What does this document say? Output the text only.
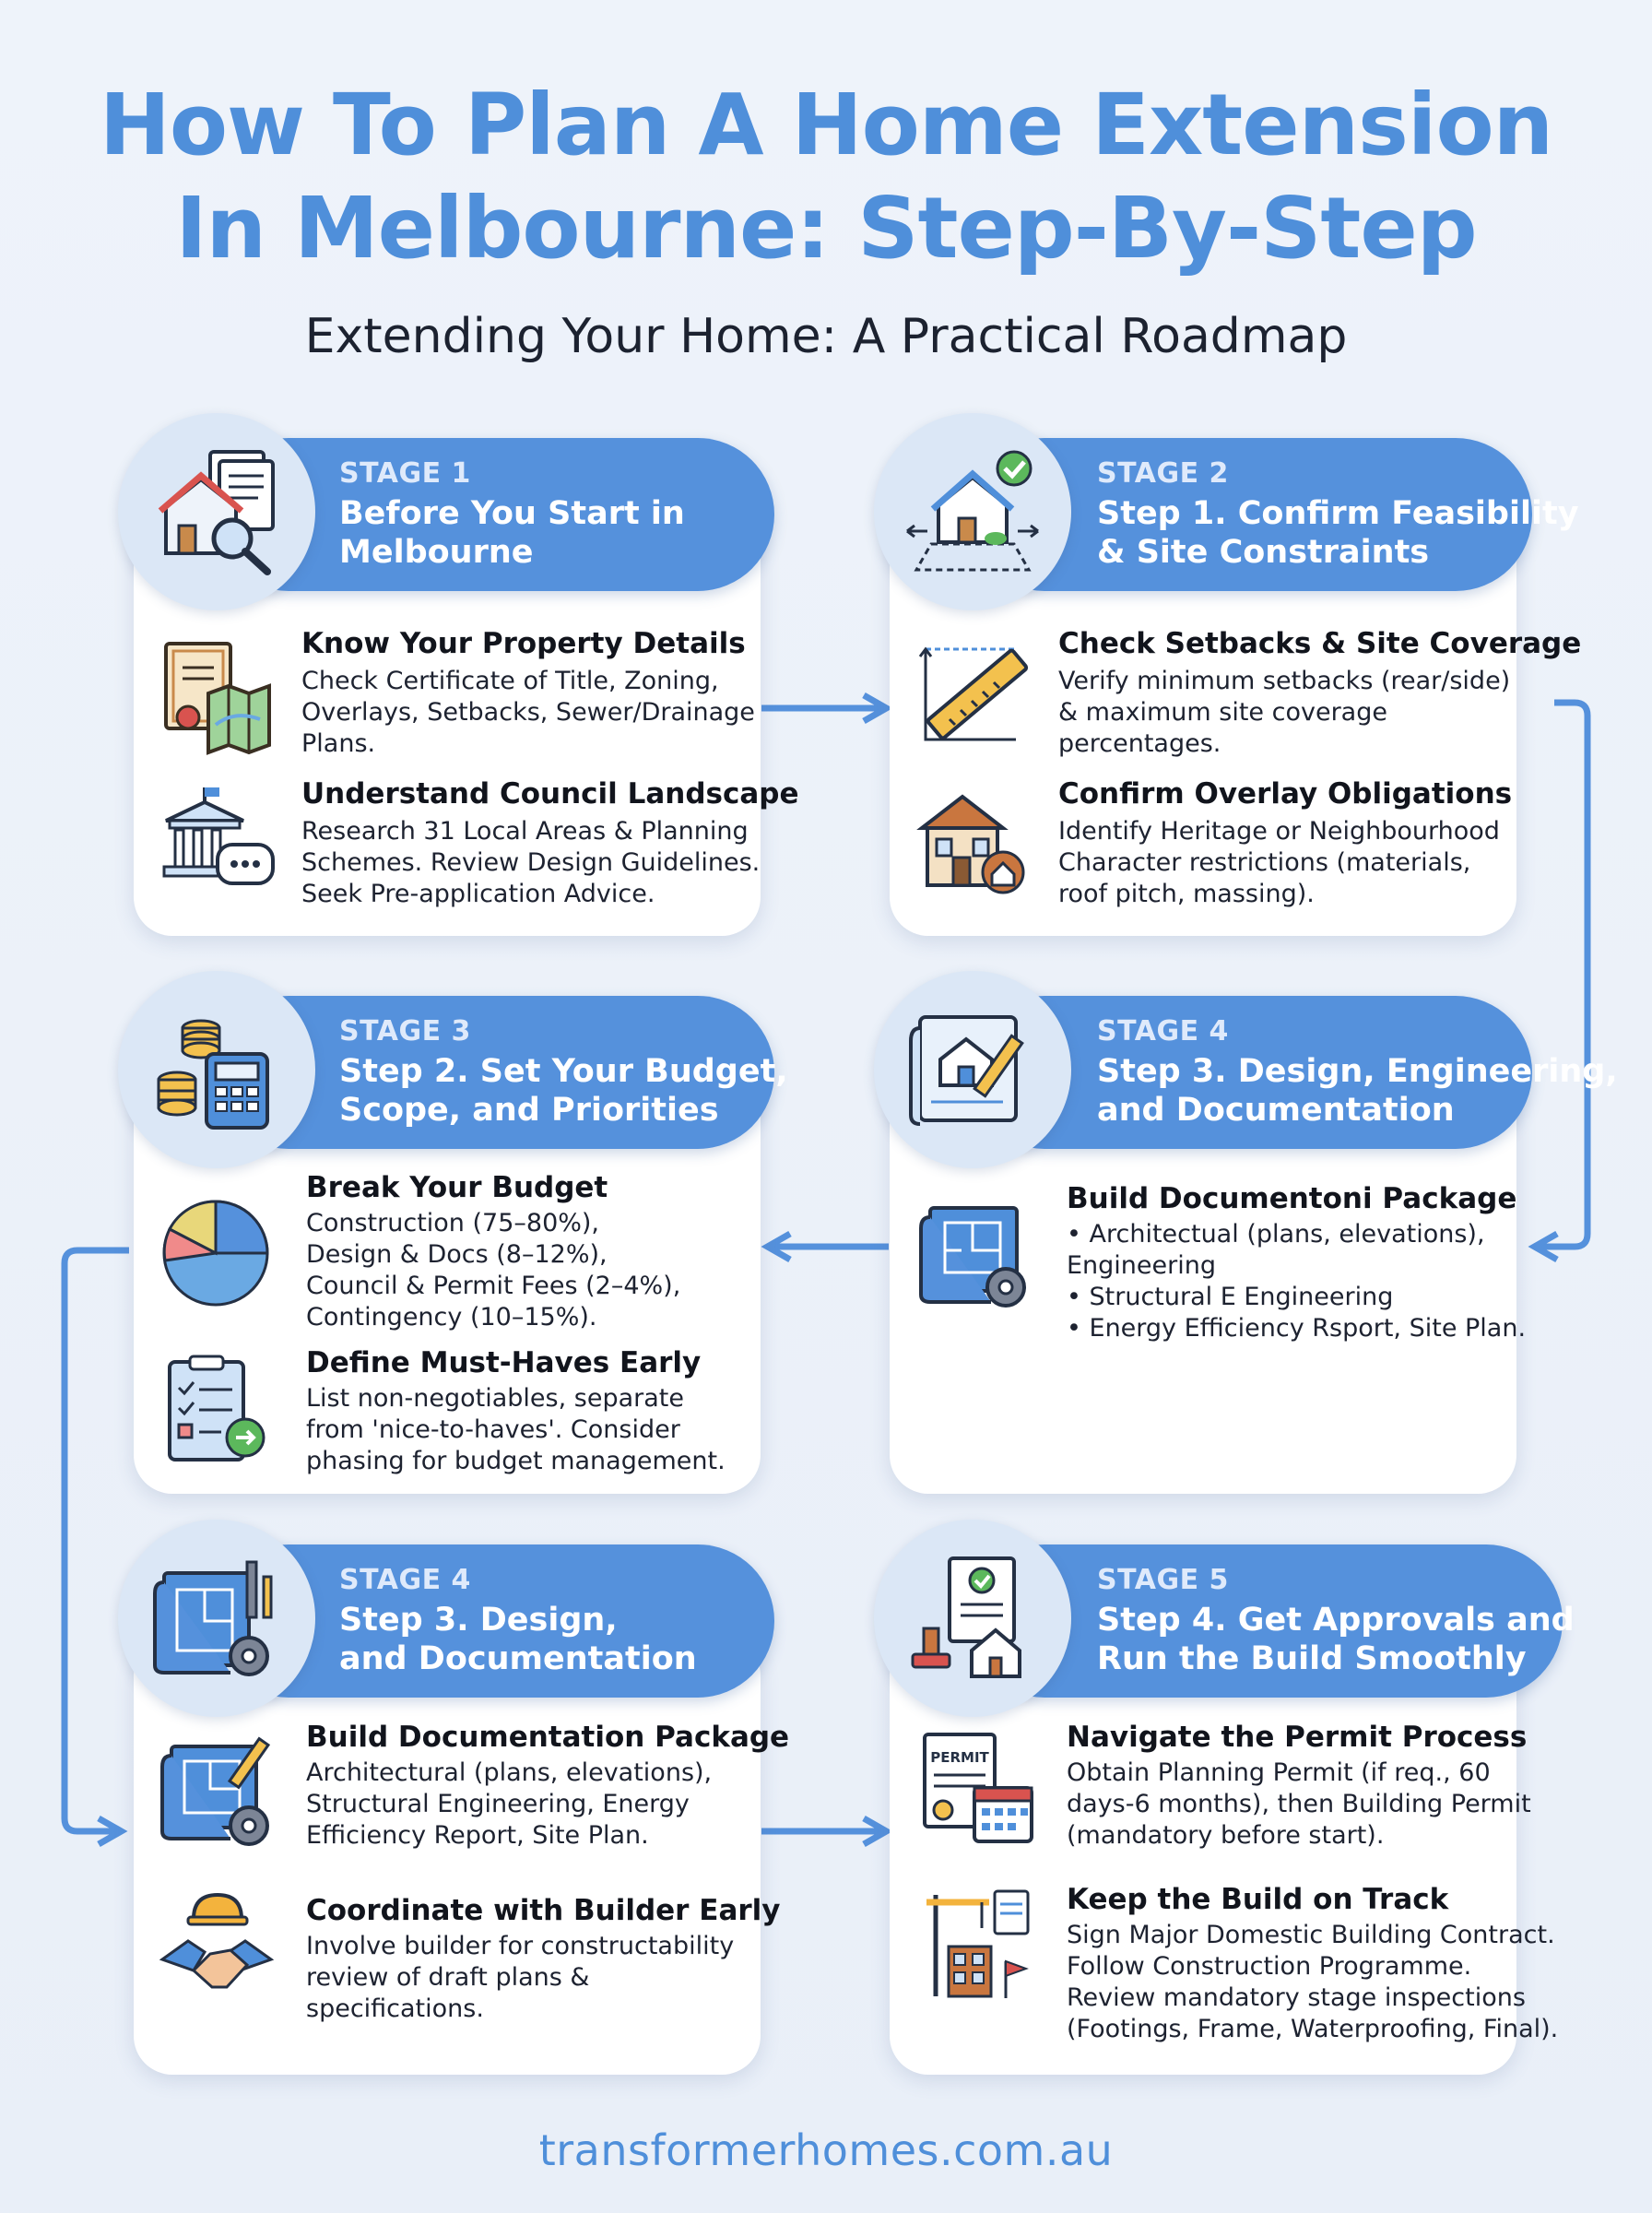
How To Plan A Home Extension
In Melbourne: Step-By-Step
Extending Your Home: A Practical Roadmap
STAGE 1
Before You Start in
Melbourne
Know Your Property Details
Check Certificate of Title, Zoning,
Overlays, Setbacks, Sewer/Drainage
Plans.
Understand Council Landscape
Research 31 Local Areas & Planning
Schemes. Review Design Guidelines.
Seek Pre-application Advice.
STAGE 2
Step 1. Confirm Feasibility
& Site Constraints
Check Setbacks & Site Coverage
Verify minimum setbacks (rear/side)
& maximum site coverage
percentages.
Confirm Overlay Obligations
Identify Heritage or Neighbourhood
Character restrictions (materials,
roof pitch, massing).
STAGE 3
Step 2. Set Your Budget,
Scope, and Priorities
Break Your Budget
Construction (75–80%),
Design & Docs (8–12%),
Council & Permit Fees (2–4%),
Contingency (10–15%).
Define Must-Haves Early
List non-negotiables, separate
from 'nice-to-haves'. Consider
phasing for budget management.
STAGE 4
Step 3. Design, Engineering,
and Documentation
Build Documentoni Package
• Architectual (plans, elevations),
Engineering
• Structural E Engineering
• Energy Efficiency Rsport, Site Plan.
STAGE 4
Step 3. Design,
and Documentation
Build Documentation Package
Architectural (plans, elevations),
Structural Engineering, Energy
Efficiency Report, Site Plan.
Coordinate with Builder Early
Involve builder for constructability
review of draft plans &
specifications.
STAGE 5
Step 4. Get Approvals and
Run the Build Smoothly
PERMIT
Navigate the Permit Process
Obtain Planning Permit (if req., 60
days-6 months), then Building Permit
(mandatory before start).
Keep the Build on Track
Sign Major Domestic Building Contract.
Follow Construction Programme.
Review mandatory stage inspections
(Footings, Frame, Waterproofing, Final).
transformerhomes.com.au
